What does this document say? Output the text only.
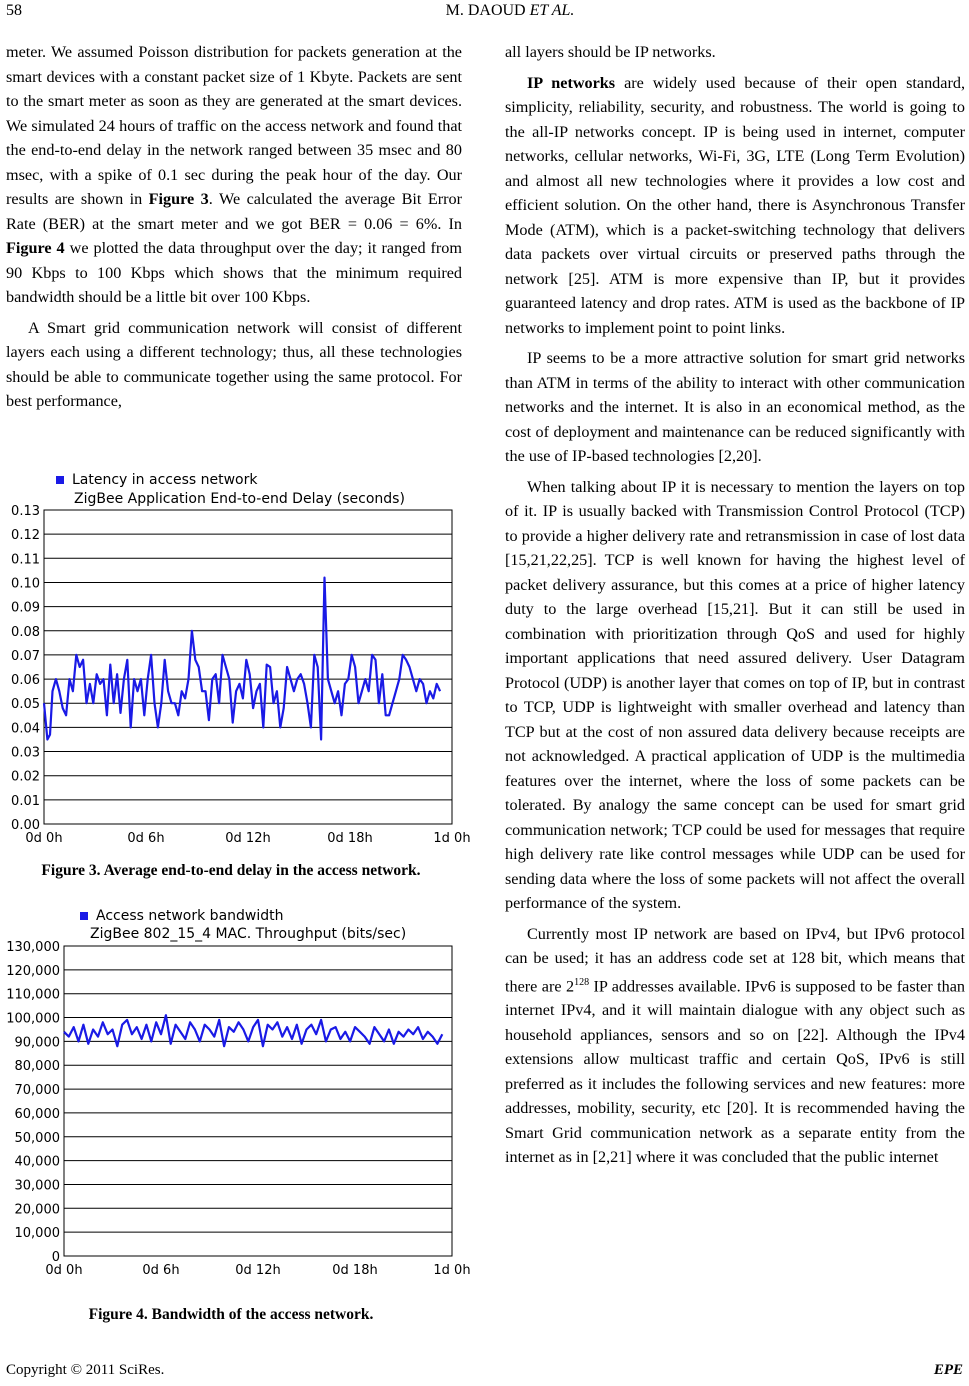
58	M. DAOUD ET AL.

meter. We assumed Poisson distribution for packets generation at the smart devices with a constant packet size of 1 Kbyte. Packets are sent to the smart meter as soon as they are generated at the smart devices. We simulated 24 hours of traffic on the access network and found that the end-to-end delay in the network ranged between 35 msec and 80 msec, with a spike of 0.1 sec during the peak hour of the day. Our results are shown in Figure 3. We calculated the average Bit Error Rate (BER) at the smart meter and we got BER = 0.06 = 6%. In Figure 4 we plotted the data throughput over the day; it ranged from 90 Kbps to 100 Kbps which shows that the minimum required bandwidth should be a little bit over 100 Kbps.

A Smart grid communication network will consist of different layers each using a different technology; thus, all these technologies should be able to communicate together using the same protocol. For best performance,

Latency in access network
ZigBee Application End-to-end Delay (seconds)
0.00
0.01
0.02
0.03
0.04
0.05
0.06
0.07
0.08
0.09
0.10
0.11
0.12
0.13
0d 0h	0d 6h	0d 12h	0d 18h	1d 0h
Figure 3. Average end-to-end delay in the access network.
Access network bandwidth
ZigBee 802_15_4 MAC. Throughput (bits/sec)
0
10,000
20,000
30,000
40,000
50,000
60,000
70,000
80,000
90,000
100,000
110,000
120,000
130,000
0d 0h	0d 6h	0d 12h	0d 18h	1d 0h
Figure 4. Bandwidth of the access network.

all layers should be IP networks.

IP networks are widely used because of their open standard, simplicity, reliability, security, and robustness. The world is going to the all-IP networks concept. IP is being used in internet, computer networks, cellular networks, Wi-Fi, 3G, LTE (Long Term Evolution) and almost all new technologies where it provides a low cost and efficient solution. On the other hand, there is Asynchronous Transfer Mode (ATM), which is a packet-switching technology that delivers data packets over virtual circuits or preserved paths through the network [25]. ATM is more expensive than IP, but it provides guaranteed latency and drop rates. ATM is used as the backbone of IP networks to implement point to point links.

IP seems to be a more attractive solution for smart grid networks than ATM in terms of the ability to interact with other communication networks and the internet. It is also in an economical method, as the cost of deployment and maintenance can be reduced significantly with the use of IP-based technologies [2,20].

When talking about IP it is necessary to mention the layers on top of it. IP is usually backed with Transmission Control Protocol (TCP) to provide a higher delivery rate and retransmission in case of lost data [15,21,22,25]. TCP is well known for having the highest level of packet delivery assurance, but this comes at a price of higher latency duty to the large overhead [15,21]. But it can still be used in combination with prioritization through QoS and used for highly important applications that need assured delivery. User Datagram Protocol (UDP) is another layer that comes on top of IP, but in contrast to TCP, UDP is lightweight with smaller overhead and latency than TCP but at the cost of non assured data delivery because receipts are not acknowledged. A practical application of UDP is the multimedia features over the internet, where the loss of some packets can be tolerated. By analogy the same concept can be used for smart grid communication network; TCP could be used for messages that require high delivery rate like control messages while UDP can be used for sending data where the loss of some packets will not affect the overall performance of the system.

Currently most IP network are based on IPv4, but IPv6 protocol can be used; it has an address code set at 128 bit, which means that there are $2^{128}$ IP addresses available. IPv6 is supposed to be faster than internet IPv4, and it will maintain dialogue with any object such as household appliances, sensors and so on [22]. Although the IPv4 extensions allow multicast traffic and certain QoS, IPv6 is still preferred as it includes the following services and new features: more addresses, mobility, security, etc [20]. It is recommended having the Smart Grid communication network as a separate entity from the internet as in [2,21] where it was concluded that the public internet

Copyright © 2011 SciRes.	EPE
